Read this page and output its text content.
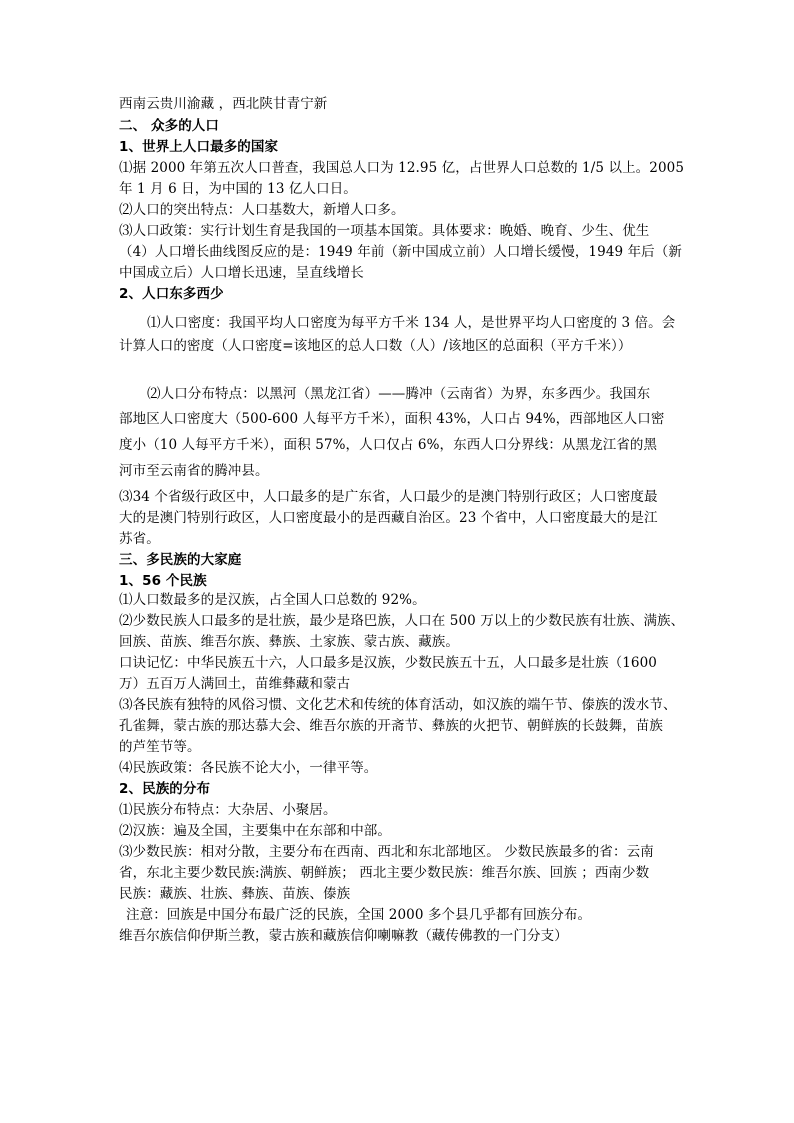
西南云贵川渝藏 ，西北陕甘青宁新
二、 众多的人口
1、世界上人口最多的国家
⑴据 2000 年第五次人口普查，我国总人口为 12.95 亿，占世界人口总数的 1/5 以上。2005
年 1 月 6 日，为中国的 13 亿人口日。
⑵人口的突出特点：人口基数大，新增人口多。
⑶人口政策：实行计划生育是我国的一项基本国策。具体要求：晚婚、晚育、少生、优生
（4）人口增长曲线图反应的是：1949 年前（新中国成立前）人口增长缓慢，1949 年后（新
中国成立后）人口增长迅速，呈直线增长
2、人口东多西少
⑴人口密度：我国平均人口密度为每平方千米 134 人，是世界平均人口密度的 3 倍。会
计算人口的密度（人口密度=该地区的总人口数（人）/该地区的总面积（平方千米））
⑵人口分布特点：以黑河（黑龙江省）——腾冲（云南省）为界，东多西少。我国东
部地区人口密度大（500-600 人每平方千米），面积 43%，人口占 94%，西部地区人口密
度小（10 人每平方千米），面积 57%，人口仅占 6%，东西人口分界线：从黑龙江省的黑
河市至云南省的腾冲县。
⑶34 个省级行政区中，人口最多的是广东省，人口最少的是澳门特别行政区；人口密度最
大的是澳门特别行政区，人口密度最小的是西藏自治区。23 个省中，人口密度最大的是江
苏省。
三、多民族的大家庭
1、56 个民族
⑴人口数最多的是汉族，占全国人口总数的 92%。
⑵少数民族人口最多的是壮族，最少是珞巴族，人口在 500 万以上的少数民族有壮族、满族、
回族、苗族、维吾尔族、彝族、土家族、蒙古族、藏族。
口诀记忆：中华民族五十六，人口最多是汉族，少数民族五十五，人口最多是壮族（1600
万）五百万人满回土，苗维彝藏和蒙古
⑶各民族有独特的风俗习惯、文化艺术和传统的体育活动，如汉族的端午节、傣族的泼水节、
孔雀舞，蒙古族的那达慕大会、维吾尔族的开斋节、彝族的火把节、朝鲜族的长鼓舞，苗族
的芦笙节等。
⑷民族政策：各民族不论大小，一律平等。
2、民族的分布
⑴民族分布特点：大杂居、小聚居。
⑵汉族：遍及全国，主要集中在东部和中部。
⑶少数民族：相对分散，主要分布在西南、西北和东北部地区。 少数民族最多的省：云南
省，东北主要少数民族:满族、朝鲜族； 西北主要少数民族：维吾尔族、回族 ；西南少数
民族：藏族、壮族、彝族、苗族、傣族
注意：回族是中国分布最广泛的民族，全国 2000 多个县几乎都有回族分布。
维吾尔族信仰伊斯兰教，蒙古族和藏族信仰喇嘛教（藏传佛教的一门分支）
